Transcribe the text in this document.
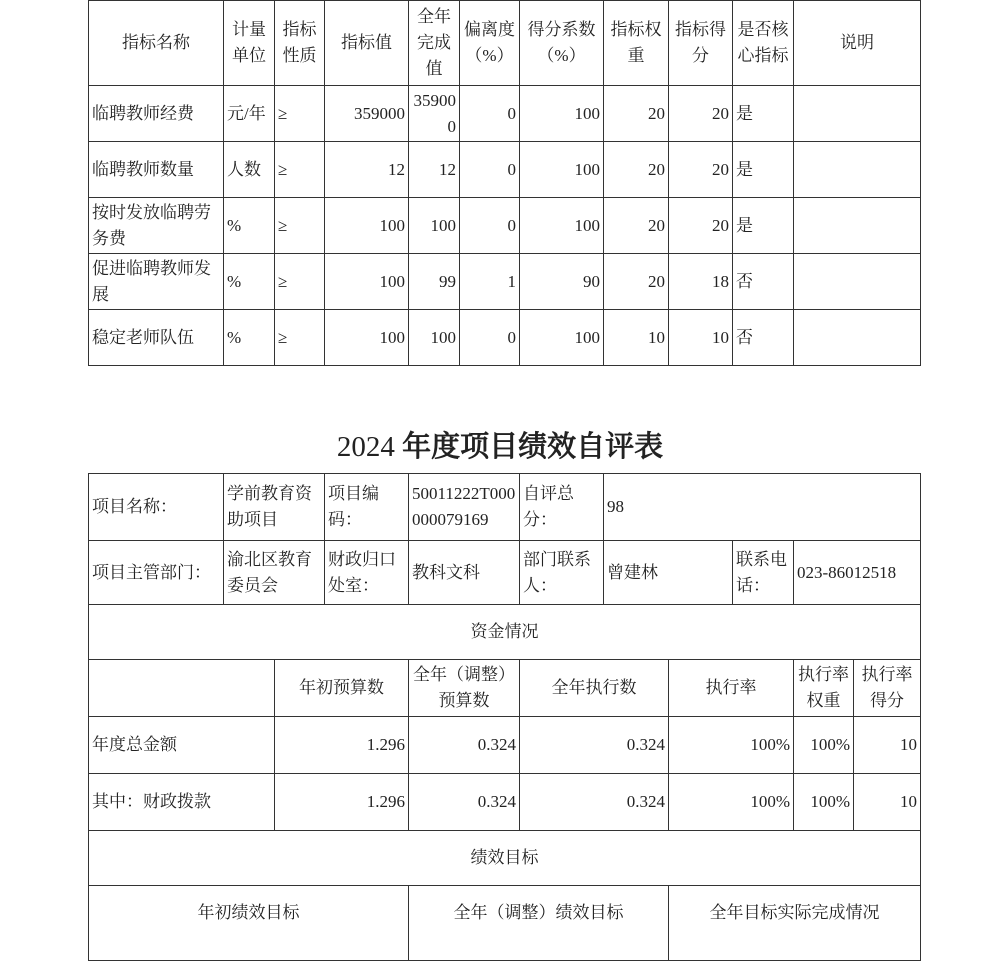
指标名称	计量单位	指标性质	指标值	全年完成值	偏离度（%）	得分系数（%）	指标权重	指标得分	是否核心指标	说明
临聘教师经费	元/年	≥	359000	359000	0	100	20	20	是	
临聘教师数量	人数	≥	12	12	0	100	20	20	是	
按时发放临聘劳务费	%	≥	100	100	0	100	20	20	是	
促进临聘教师发展	%	≥	100	99	1	90	20	18	否	
稳定老师队伍	%	≥	100	100	0	100	10	10	否	
2024 年度项目绩效自评表
项目名称：	学前教育资助项目	项目编码：	50011222T000000079169	自评总分：	98		
项目主管部门：	渝北区教育委员会	财政归口处室：	教科文科	部门联系人：	曾建林	联系电话：	023-86012518
资金情况
	年初预算数	全年（调整）预算数	全年执行数	执行率	执行率权重	执行率得分
年度总金额	1.296	0.324	0.324	100%	100%	10
其中：财政拨款	1.296	0.324	0.324	100%	100%	10
绩效目标
年初绩效目标	全年（调整）绩效目标	全年目标实际完成情况
